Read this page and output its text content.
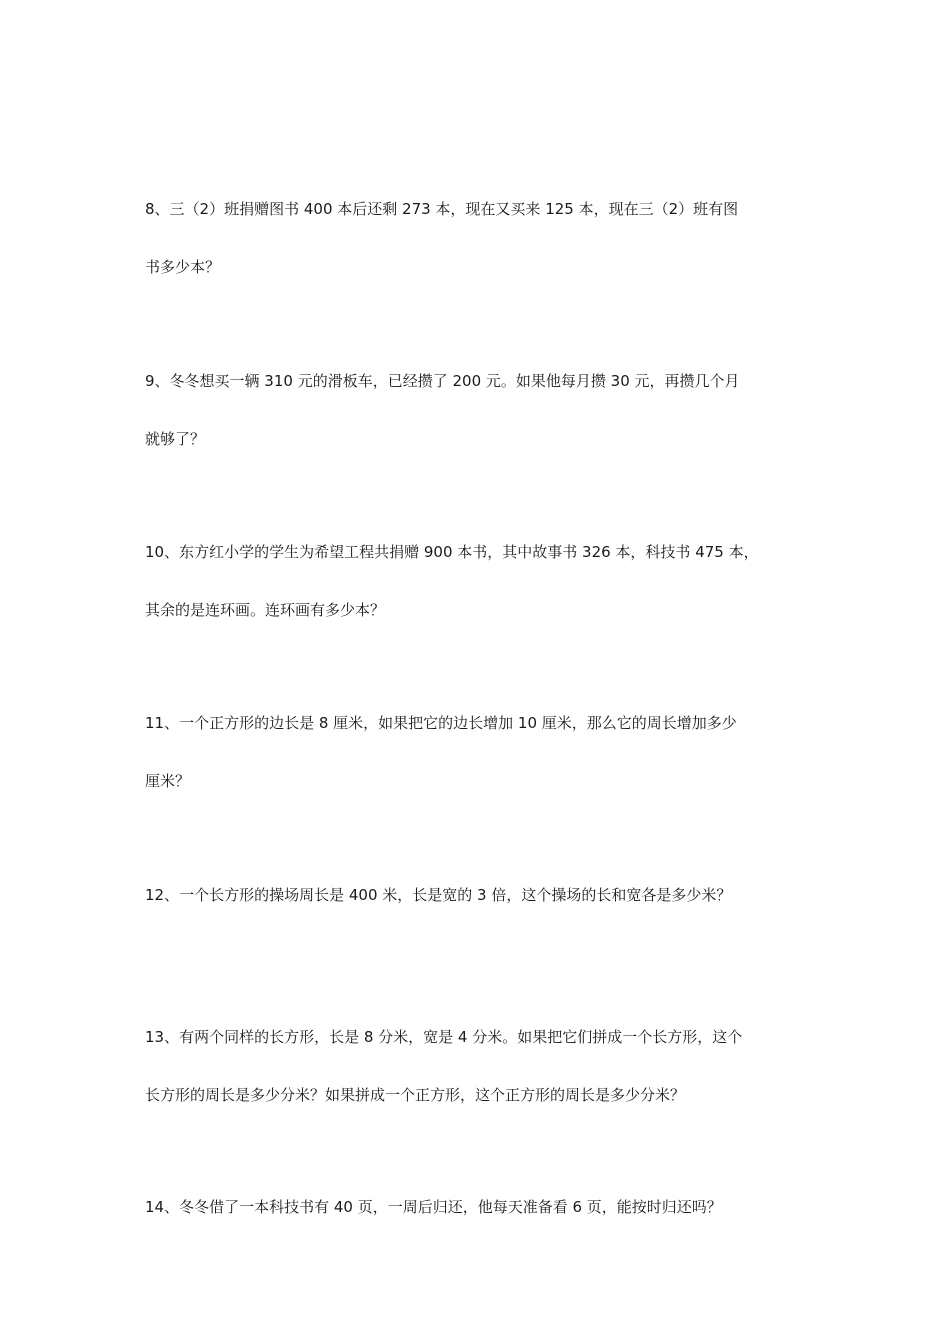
8、三（2）班捐赠图书 400 本后还剩 273 本，现在又买来 125 本，现在三（2）班有图
书多少本？
9、冬冬想买一辆 310 元的滑板车，已经攒了 200 元。如果他每月攒 30 元，再攒几个月
就够了？
10、东方红小学的学生为希望工程共捐赠 900 本书，其中故事书 326 本，科技书 475 本，
其余的是连环画。连环画有多少本？
11、一个正方形的边长是 8 厘米，如果把它的边长增加 10 厘米，那么它的周长增加多少
厘米？
12、一个长方形的操场周长是 400 米，长是宽的 3 倍，这个操场的长和宽各是多少米？
13、有两个同样的长方形，长是 8 分米，宽是 4 分米。如果把它们拼成一个长方形，这个
长方形的周长是多少分米？如果拼成一个正方形，这个正方形的周长是多少分米？
14、冬冬借了一本科技书有 40 页，一周后归还，他每天准备看 6 页，能按时归还吗？
